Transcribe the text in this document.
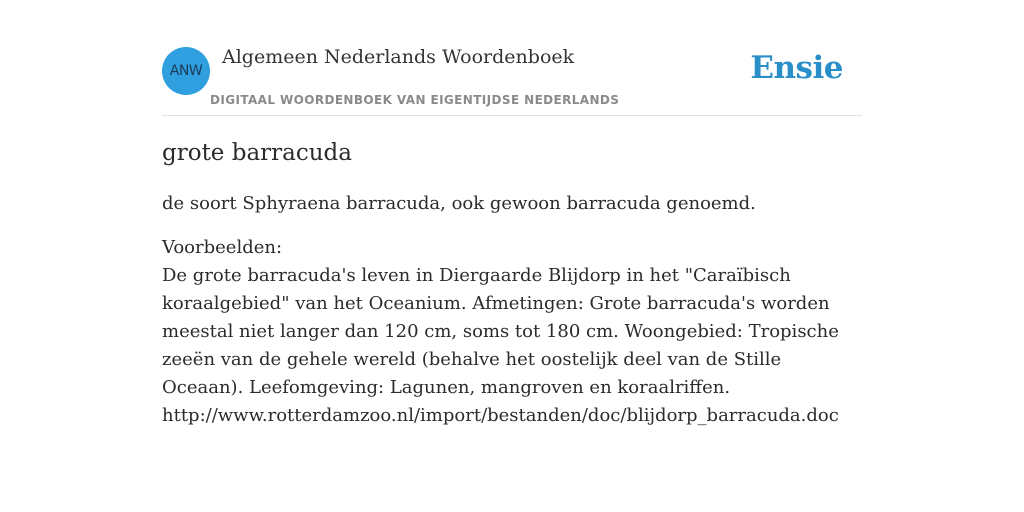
ANW
Algemeen Nederlands Woordenboek
DIGITAAL WOORDENBOEK VAN EIGENTIJDSE NEDERLANDS
Ensie
grote barracuda

de soort Sphyraena barracuda, ook gewoon barracuda genoemd.

Voorbeelden:
De grote barracuda's leven in Diergaarde Blijdorp in het "Caraïbisch koraalgebied" van het Oceanium. Afmetingen: Grote barracuda's worden meestal niet langer dan 120 cm, soms tot 180 cm. Woongebied: Tropische zeeën van de gehele wereld (behalve het oostelijk deel van de Stille Oceaan). Leefomgeving: Lagunen, mangroven en koraalriffen. http://www.rotterdamzoo.nl/import/bestanden/doc/blijdorp_barracuda.doc
